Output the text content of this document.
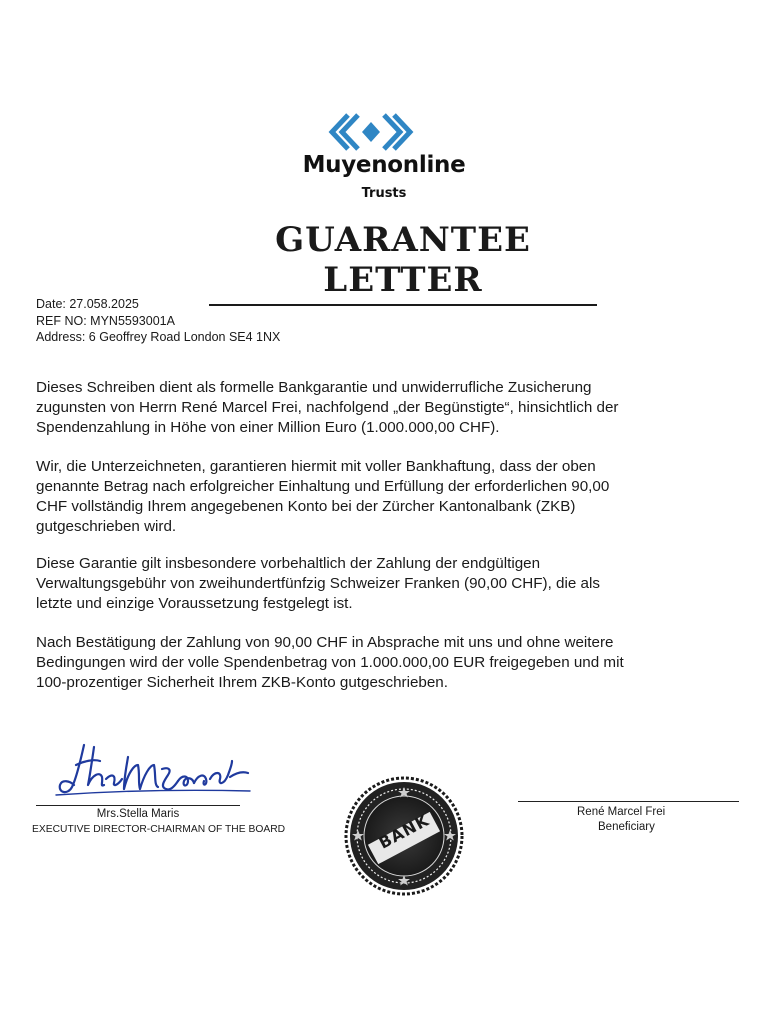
Muyenonline
Trusts
GUARANTEE LETTER
Date: 27.058.2025
REF NO: MYN5593001A
Address: 6 Geoffrey Road London SE4 1NX
Dieses Schreiben dient als formelle Bankgarantie und unwiderrufliche Zusicherung
zugunsten von Herrn René Marcel Frei, nachfolgend „der Begünstigte“, hinsichtlich der
Spendenzahlung in Höhe von einer Million Euro (1.000.000,00 CHF).
Wir, die Unterzeichneten, garantieren hiermit mit voller Bankhaftung, dass der oben
genannte Betrag nach erfolgreicher Einhaltung und Erfüllung der erforderlichen 90,00
CHF vollständig Ihrem angegebenen Konto bei der Zürcher Kantonalbank (ZKB)
gutgeschrieben wird.
Diese Garantie gilt insbesondere vorbehaltlich der Zahlung der endgültigen
Verwaltungsgebühr von zweihundertfünfzig Schweizer Franken (90,00 CHF), die als
letzte und einzige Voraussetzung festgelegt ist.
Nach Bestätigung der Zahlung von 90,00 CHF in Absprache mit uns und ohne weitere
Bedingungen wird der volle Spendenbetrag von 1.000.000,00 EUR freigegeben und mit
100-prozentiger Sicherheit Ihrem ZKB-Konto gutgeschrieben.
Mrs.Stella Maris
EXECUTIVE DIRECTOR-CHAIRMAN OF THE BOARD	BANK	René Marcel Frei
Beneficiary
